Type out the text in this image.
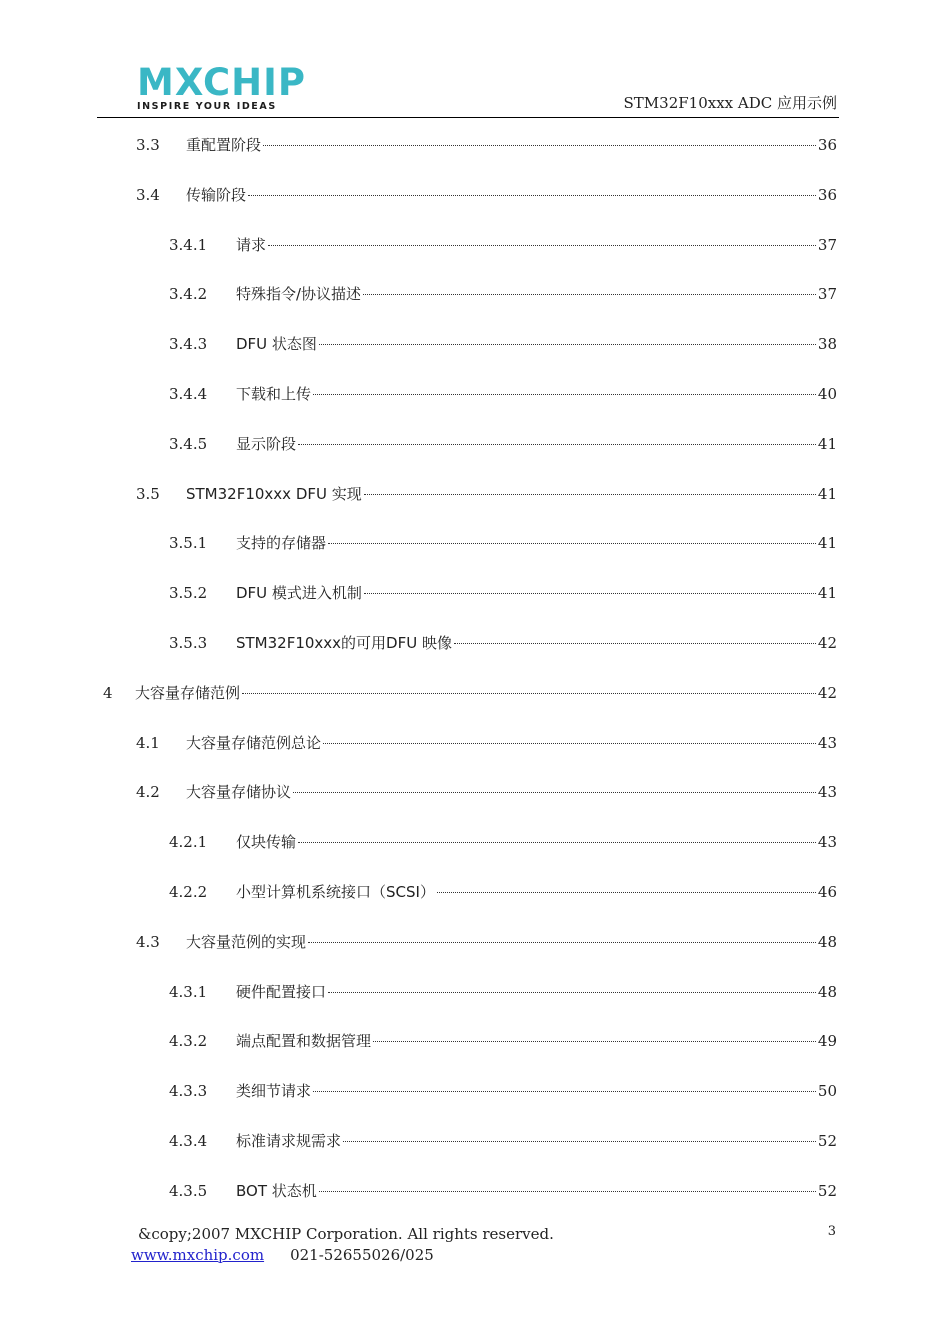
MXCHIP
INSPIRE YOUR IDEAS	STM32F10xxx ADC 应用示例
3.3	重配置阶段	36
3.4	传输阶段	36
3.4.1	请求	37
3.4.2	特殊指令/协议描述	37
3.4.3	DFU 状态图	38
3.4.4	下载和上传	40
3.4.5	显示阶段	41
3.5	STM32F10xxx DFU 实现	41
3.5.1	支持的存储器	41
3.5.2	DFU 模式进入机制	41
3.5.3	STM32F10xxx的可用DFU 映像	42
4	大容量存储范例	42
4.1	大容量存储范例总论	43
4.2	大容量存储协议	43
4.2.1	仅块传输	43
4.2.2	小型计算机系统接口（SCSI）	46
4.3	大容量范例的实现	48
4.3.1	硬件配置接口	48
4.3.2	端点配置和数据管理	49
4.3.3	类细节请求	50
4.3.4	标准请求规需求	52
4.3.5	BOT 状态机	52
&copy;2007 MXCHIP Corporation. All rights reserved.
www.mxchip.com 021-52655026/025
3
